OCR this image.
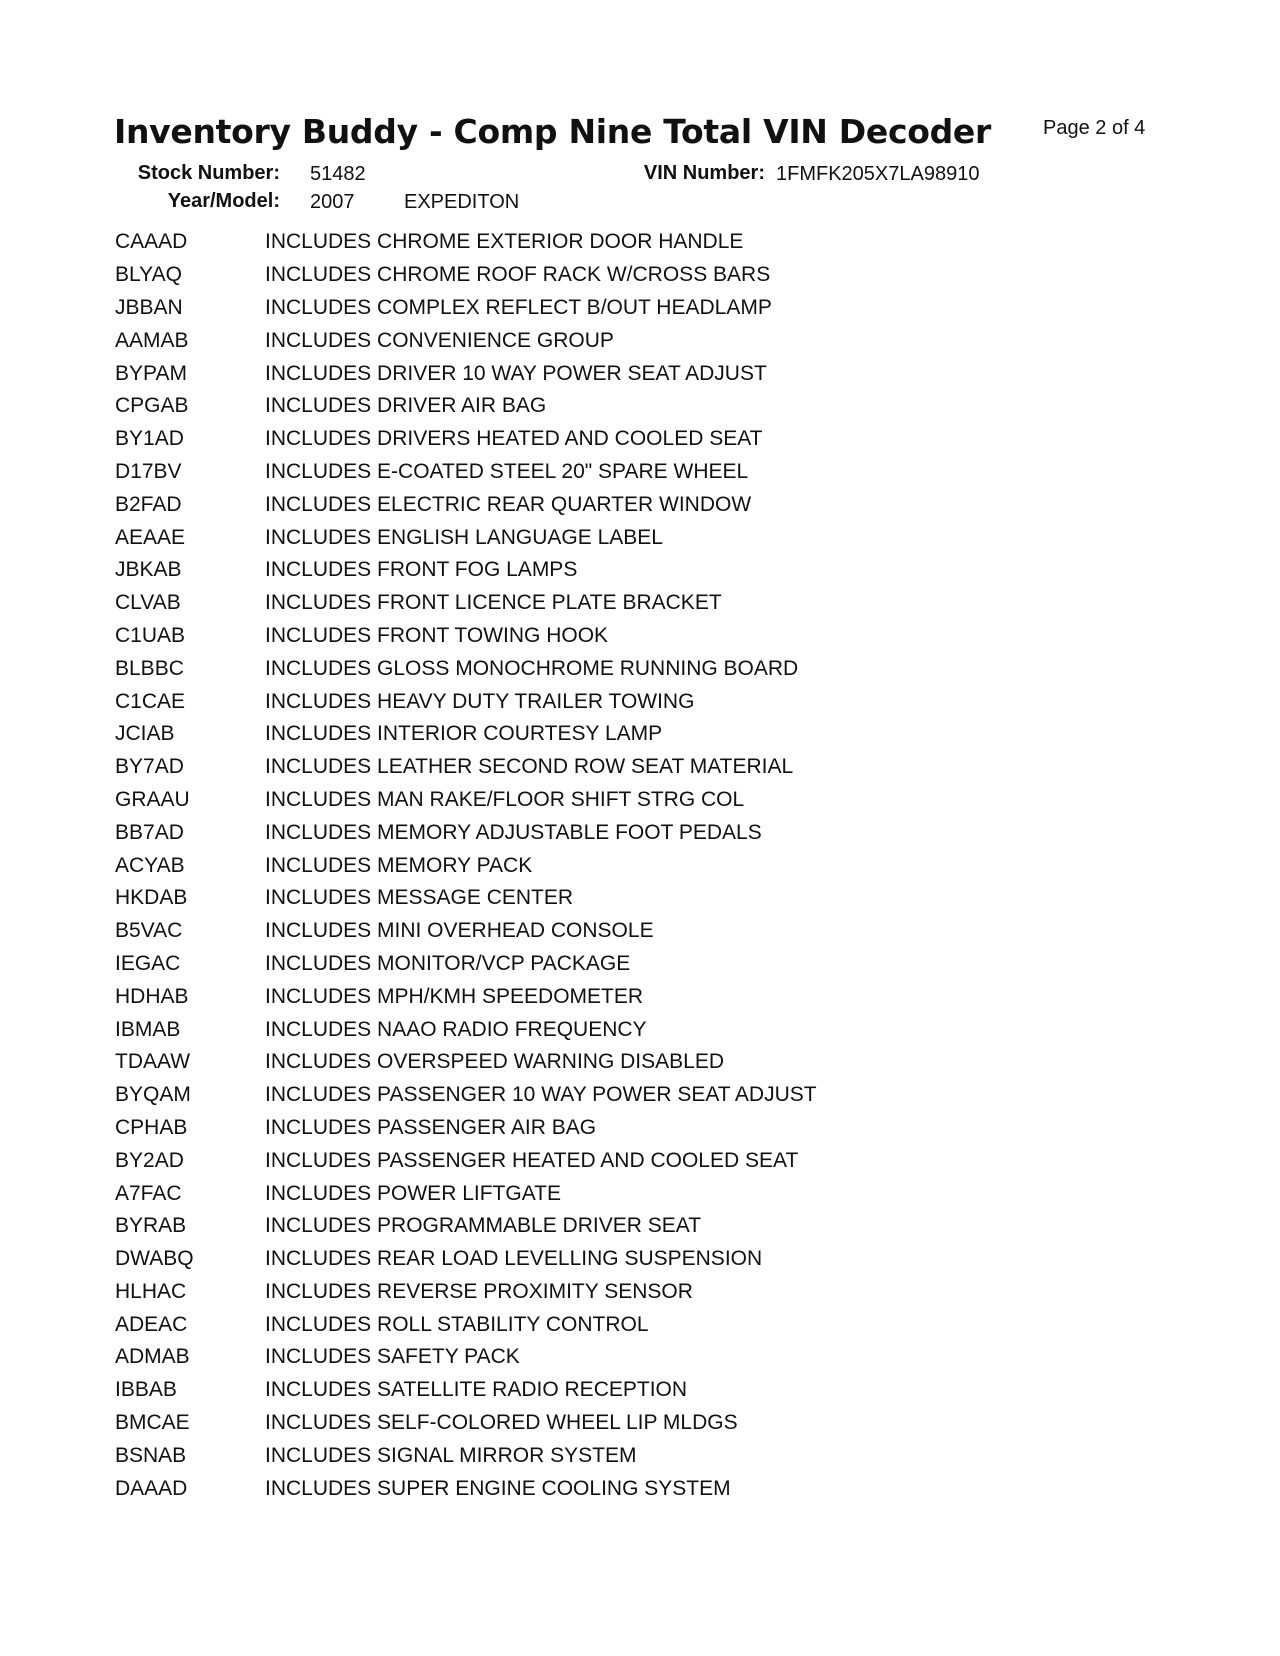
Inventory Buddy - Comp Nine Total VIN Decoder	Page 2 of 4
Stock Number: 51482	VIN Number: 1FMFK205X7LA98910
Year/Model: 2007 EXPEDITON
CAAAD	INCLUDES CHROME EXTERIOR DOOR HANDLE
BLYAQ	INCLUDES CHROME ROOF RACK W/CROSS BARS
JBBAN	INCLUDES COMPLEX REFLECT B/OUT HEADLAMP
AAMAB	INCLUDES CONVENIENCE GROUP
BYPAM	INCLUDES DRIVER 10 WAY POWER SEAT ADJUST
CPGAB	INCLUDES DRIVER AIR BAG
BY1AD	INCLUDES DRIVERS HEATED AND COOLED SEAT
D17BV	INCLUDES E-COATED STEEL 20" SPARE WHEEL
B2FAD	INCLUDES ELECTRIC REAR QUARTER WINDOW
AEAAE	INCLUDES ENGLISH LANGUAGE LABEL
JBKAB	INCLUDES FRONT FOG LAMPS
CLVAB	INCLUDES FRONT LICENCE PLATE BRACKET
C1UAB	INCLUDES FRONT TOWING HOOK
BLBBC	INCLUDES GLOSS MONOCHROME RUNNING BOARD
C1CAE	INCLUDES HEAVY DUTY TRAILER TOWING
JCIAB	INCLUDES INTERIOR COURTESY LAMP
BY7AD	INCLUDES LEATHER SECOND ROW SEAT MATERIAL
GRAAU	INCLUDES MAN RAKE/FLOOR SHIFT STRG COL
BB7AD	INCLUDES MEMORY ADJUSTABLE FOOT PEDALS
ACYAB	INCLUDES MEMORY PACK
HKDAB	INCLUDES MESSAGE CENTER
B5VAC	INCLUDES MINI OVERHEAD CONSOLE
IEGAC	INCLUDES MONITOR/VCP PACKAGE
HDHAB	INCLUDES MPH/KMH SPEEDOMETER
IBMAB	INCLUDES NAAO RADIO FREQUENCY
TDAAW	INCLUDES OVERSPEED WARNING DISABLED
BYQAM	INCLUDES PASSENGER 10 WAY POWER SEAT ADJUST
CPHAB	INCLUDES PASSENGER AIR BAG
BY2AD	INCLUDES PASSENGER HEATED AND COOLED SEAT
A7FAC	INCLUDES POWER LIFTGATE
BYRAB	INCLUDES PROGRAMMABLE DRIVER SEAT
DWABQ	INCLUDES REAR LOAD LEVELLING SUSPENSION
HLHAC	INCLUDES REVERSE PROXIMITY SENSOR
ADEAC	INCLUDES ROLL STABILITY CONTROL
ADMAB	INCLUDES SAFETY PACK
IBBAB	INCLUDES SATELLITE RADIO RECEPTION
BMCAE	INCLUDES SELF-COLORED WHEEL LIP MLDGS
BSNAB	INCLUDES SIGNAL MIRROR SYSTEM
DAAAD	INCLUDES SUPER ENGINE COOLING SYSTEM
